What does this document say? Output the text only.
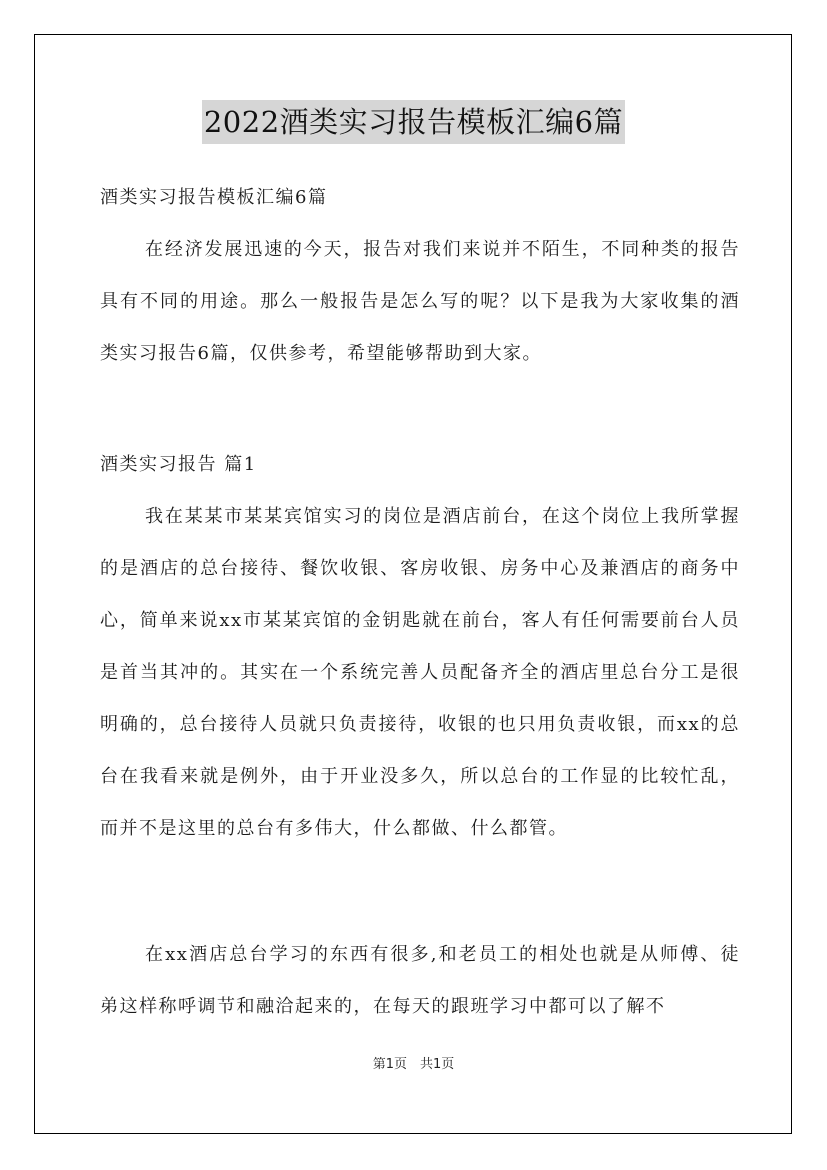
2022酒类实习报告模板汇编6篇
酒类实习报告模板汇编6篇
在经济发展迅速的今天，报告对我们来说并不陌生，不同种类的报告具有不同的用途。那么一般报告是怎么写的呢？以下是我为大家收集的酒类实习报告6篇，仅供参考，希望能够帮助到大家。
酒类实习报告 篇1
我在某某市某某宾馆实习的岗位是酒店前台，在这个岗位上我所掌握的是酒店的总台接待、餐饮收银、客房收银、房务中心及兼酒店的商务中心，简单来说xx市某某宾馆的金钥匙就在前台，客人有任何需要前台人员是首当其冲的。其实在一个系统完善人员配备齐全的酒店里总台分工是很明确的，总台接待人员就只负责接待，收银的也只用负责收银，而xx的总台在我看来就是例外，由于开业没多久，所以总台的工作显的比较忙乱，而并不是这里的总台有多伟大，什么都做、什么都管。
在xx酒店总台学习的东西有很多,和老员工的相处也就是从师傅、徒弟这样称呼调节和融洽起来的，在每天的跟班学习中都可以了解不
第1页　共1页
